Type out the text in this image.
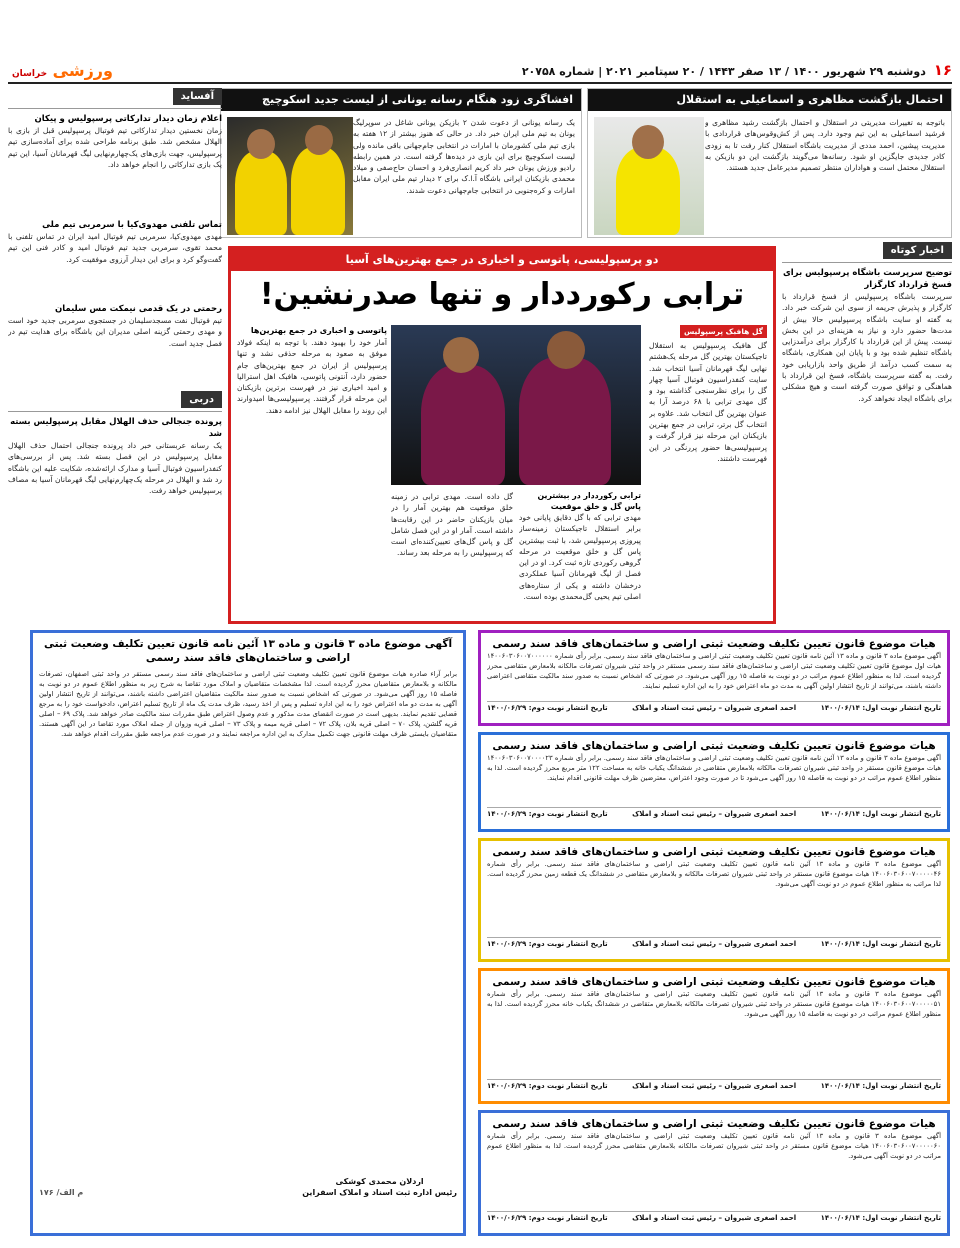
۱۶ دوشنبه ۲۹ شهریور ۱۴۰۰ / ۱۳ صفر ۱۴۴۳ / ۲۰ سپتامبر ۲۰۲۱ | شماره ۲۰۷۵۸
ورزشی خراسان
احتمال بازگشت مظاهری و اسماعیلی به استقلال
باتوجه به تغییرات مدیریتی در استقلال و احتمال بازگشت رشید مظاهری و فرشید اسماعیلی به این تیم وجود دارد. پس از کش‌وقوس‌های قراردادی با مدیریت پیشین، احمد مددی از مدیریت باشگاه استقلال کنار رفت تا به زودی کادر جدیدی جایگزین او شود. رسانه‌ها می‌گویند بازگشت این دو بازیکن به استقلال محتمل است و هواداران منتظر تصمیم مدیرعامل جدید هستند.
افشاگری زود هنگام رسانه یونانی از لیست جدید اسکوچیچ
یک رسانه یونانی از دعوت شدن ۲ بازیکن یونانی شاغل در سوپرلیگ یونان به تیم ملی ایران خبر داد. در حالی که هنوز بیشتر از ۱۲ هفته به بازی تیم ملی کشورمان با امارات در انتخابی جام‌جهانی باقی مانده ولی لیست اسکوچیچ برای این بازی در دیده‌ها گرفته است. در همین رابطه رادیو ورزش یونان خبر داد کریم انصاری‌فرد و احسان حاج‌صفی و میلاد محمدی بازیکنان ایرانی باشگاه آ.ا.ک برای ۲ دیدار تیم ملی ایران مقابل امارات و کره‌جنوبی در انتخابی جام‌جهانی دعوت شدند.
آفساید
اعلام زمان دیدار تدارکاتی پرسپولیس و پیکان
زمان نخستین دیدار تدارکاتی تیم فوتبال پرسپولیس قبل از بازی با الهلال مشخص شد. طبق برنامه طراحی شده برای آماده‌سازی تیم پرسپولیس، جهت بازی‌های یک‌چهارم‌نهایی لیگ قهرمانان آسیا، این تیم یک بازی تدارکاتی را انجام خواهد داد.
تماس تلفنی مهدوی‌کیا با سرمربی تیم ملی
مهدی مهدوی‌کیا، سرمربی تیم فوتبال امید ایران در تماس تلفنی با محمد تقوی، سرمربی جدید تیم فوتبال امید و کادر فنی این تیم گفت‌وگو کرد و برای این دیدار آرزوی موفقیت کرد.
رحمتی در یک قدمی نیمکت مس سلیمان
تیم فوتبال نفت مسجدسلیمان در جستجوی سرمربی جدید خود است و مهدی رحمتی گزینه اصلی مدیران این باشگاه برای هدایت تیم در فصل جدید است.
دربی
پرونده جنجالی حذف الهلال مقابل پرسپولیس بسته شد
یک رسانه عربستانی خبر داد پرونده جنجالی احتمال حذف الهلال مقابل پرسپولیس در این فصل بسته شد. پس از بررسی‌های کنفدراسیون فوتبال آسیا و مدارک ارائه‌شده، شکایت علیه این باشگاه رد شد و الهلال در مرحله یک‌چهارم‌نهایی لیگ قهرمانان آسیا به مصاف پرسپولیس خواهد رفت.
اخبار کوتاه
توضیح سرپرست باشگاه پرسپولیس برای فسخ قرارداد کارگزار
سرپرست باشگاه پرسپولیس از فسخ قرارداد با کارگزار و پذیرش جریمه از سوی این شرکت خبر داد. به گفته او سایت باشگاه پرسپولیس حالا بیش از مدت‌ها حضور دارد و نیاز به هزینه‌ای در این بخش نیست. پیش از این قرارداد با کارگزار برای درآمدزایی باشگاه تنظیم شده بود و با پایان این همکاری، باشگاه به سمت کسب درآمد از طریق واحد بازاریابی خود رفت. به گفته سرپرست باشگاه، فسخ این قرارداد با هماهنگی و توافق صورت گرفته است و هیچ مشکلی برای باشگاه ایجاد نخواهد کرد.
دو پرسپولیسی، پاتوسی و اخباری در جمع بهترین‌های آسیا
ترابی رکورددار و تنها صدرنشین!
گل هافبک پرسپولیس
گل هافبک پرسپولیس به استقلال تاجیکستان بهترین گل مرحله یک‌هشتم نهایی لیگ قهرمانان آسیا انتخاب شد. سایت کنفدراسیون فوتبال آسیا چهار گل را برای نظرسنجی گذاشته بود و گل مهدی ترابی با ۶۸ درصد آرا به عنوان بهترین گل انتخاب شد. علاوه بر انتخاب گل برتر، ترابی در جمع بهترین بازیکنان این مرحله نیز قرار گرفت و پرسپولیسی‌ها حضور پررنگی در این فهرست داشتند.
ترابی رکورددار در بیشترین پاس گل و خلق موقعیت
مهدی ترابی که با گل دقایق پایانی خود برابر استقلال تاجیکستان زمینه‌ساز پیروزی پرسپولیس شد، با ثبت بیشترین پاس گل و خلق موقعیت در مرحله گروهی رکوردی تازه ثبت کرد. او در این فصل از لیگ قهرمانان آسیا عملکردی درخشان داشته و یکی از ستاره‌های اصلی تیم یحیی گل‌محمدی بوده است.
گل داده است. مهدی ترابی در زمینه خلق موقعیت هم بهترین آمار را در میان بازیکنان حاضر در این رقابت‌ها داشته است. آمار او در این فصل شامل گل و پاس گل‌های تعیین‌کننده‌ای است که پرسپولیس را به مرحله بعد رساند.
پاتوسی و اخباری در جمع بهترین‌ها
آمار خود را بهبود دهند. با توجه به اینکه فولاد موفق به صعود به مرحله حذفی نشد و تنها پرسپولیس از ایران در جمع بهترین‌های جام حضور دارد، آنتونی پاتوسی، هافبک اهل استرالیا و امید اخباری نیز در فهرست برترین بازیکنان این مرحله قرار گرفتند. پرسپولیسی‌ها امیدوارند این روند را مقابل الهلال نیز ادامه دهند.
آگهی موضوع ماده ۳ قانون و ماده ۱۳ آئین نامه قانون تعیین تکلیف وضعیت ثبتی اراضی و ساختمان‌های فاقد سند رسمی
برابر آراء صادره هیات موضوع قانون تعیین تکلیف وضعیت ثبتی اراضی و ساختمان‌های فاقد سند رسمی مستقر در واحد ثبتی اصفهان، تصرفات مالکانه و بلامعارض متقاضیان محرز گردیده است. لذا مشخصات متقاضیان و املاک مورد تقاضا به شرح زیر به منظور اطلاع عموم در دو نوبت به فاصله ۱۵ روز آگهی می‌شود. در صورتی که اشخاص نسبت به صدور سند مالکیت متقاضیان اعتراضی داشته باشند، می‌توانند از تاریخ انتشار اولین آگهی به مدت دو ماه اعتراض خود را به این اداره تسلیم و پس از اخذ رسید، ظرف مدت یک ماه از تاریخ تسلیم اعتراض، دادخواست خود را به مرجع قضایی تقدیم نمایند. بدیهی است در صورت انقضای مدت مذکور و عدم وصول اعتراض طبق مقررات سند مالکیت صادر خواهد شد. پلاک ۶۹ – اصلی قریه گلشن، پلاک ۷۰ – اصلی قریه بلان، پلاک ۷۲ – اصلی قریه میمه و پلاک ۷۳ – اصلی قریه وزوان از جمله املاک مورد تقاضا در این آگهی هستند. متقاضیان بایستی ظرف مهلت قانونی جهت تکمیل مدارک به این اداره مراجعه نمایند و در صورت عدم مراجعه طبق مقررات اقدام خواهد شد.
اردلان محمدی کوشکی
رئیس اداره ثبت اسناد و املاک اسفراین
م الف/ ۱۷۶
هیات موضوع قانون تعیین تکلیف وضعیت ثبتی اراضی و ساختمان‌های فاقد سند رسمی
آگهی موضوع ماده ۳ قانون و ماده ۱۳ آئین نامه قانون تعیین تکلیف وضعیت ثبتی اراضی و ساختمان‌های فاقد سند رسمی. برابر رأی شماره ۱۴۰۰۶۰۳۰۶۰۰۷۰۰۰۰۰۰ هیات اول موضوع قانون تعیین تکلیف وضعیت ثبتی اراضی و ساختمان‌های فاقد سند رسمی مستقر در واحد ثبتی شیروان تصرفات مالکانه بلامعارض متقاضی محرز گردیده است. لذا به منظور اطلاع عموم مراتب در دو نوبت به فاصله ۱۵ روز آگهی می‌شود. در صورتی که اشخاص نسبت به صدور سند مالکیت متقاضی اعتراضی داشته باشند، می‌توانند از تاریخ انتشار اولین آگهی به مدت دو ماه اعتراض خود را به این اداره تسلیم نمایند.
تاریخ انتشار نوبت اول: ۱۴۰۰/۰۶/۱۴
احمد اصغری شیروان – رئیس ثبت اسناد و املاک
تاریخ انتشار نوبت دوم: ۱۴۰۰/۰۶/۲۹
هیات موضوع قانون تعیین تکلیف وضعیت ثبتی اراضی و ساختمان‌های فاقد سند رسمی
آگهی موضوع ماده ۳ قانون و ماده ۱۳ آئین نامه قانون تعیین تکلیف وضعیت ثبتی اراضی و ساختمان‌های فاقد سند رسمی. برابر رأی شماره ۱۴۰۰۶۰۳۰۶۰۰۷۰۰۰۰۲۳ هیات موضوع قانون مستقر در واحد ثبتی شیروان تصرفات مالکانه بلامعارض متقاضی در ششدانگ یکباب خانه به مساحت ۱۲۲ متر مربع محرز گردیده است. لذا به منظور اطلاع عموم مراتب در دو نوبت به فاصله ۱۵ روز آگهی می‌شود تا در صورت وجود اعتراض، معترضین ظرف مهلت قانونی اقدام نمایند.
تاریخ انتشار نوبت اول: ۱۴۰۰/۰۶/۱۴
احمد اصغری شیروان – رئیس ثبت اسناد و املاک
تاریخ انتشار نوبت دوم: ۱۴۰۰/۰۶/۲۹
هیات موضوع قانون تعیین تکلیف وضعیت ثبتی اراضی و ساختمان‌های فاقد سند رسمی
آگهی موضوع ماده ۳ قانون و ماده ۱۳ آئین نامه قانون تعیین تکلیف وضعیت ثبتی اراضی و ساختمان‌های فاقد سند رسمی. برابر رأی شماره ۱۴۰۰۶۰۳۰۶۰۰۷۰۰۰۰۰۴۶ هیات موضوع قانون مستقر در واحد ثبتی شیروان تصرفات مالکانه و بلامعارض متقاضی در ششدانگ یک قطعه زمین محرز گردیده است. لذا مراتب به منظور اطلاع عموم در دو نوبت آگهی می‌شود.
تاریخ انتشار نوبت اول: ۱۴۰۰/۰۶/۱۴
احمد اصغری شیروان – رئیس ثبت اسناد و املاک
تاریخ انتشار نوبت دوم: ۱۴۰۰/۰۶/۲۹
هیات موضوع قانون تعیین تکلیف وضعیت ثبتی اراضی و ساختمان‌های فاقد سند رسمی
آگهی موضوع ماده ۳ قانون و ماده ۱۳ آئین نامه قانون تعیین تکلیف وضعیت ثبتی اراضی و ساختمان‌های فاقد سند رسمی. برابر رأی شماره ۱۴۰۰۶۰۳۰۶۰۰۷۰۰۰۰۰۵۱ هیات موضوع قانون مستقر در واحد ثبتی شیروان تصرفات مالکانه بلامعارض متقاضی در ششدانگ یکباب خانه محرز گردیده است. لذا به منظور اطلاع عموم مراتب در دو نوبت به فاصله ۱۵ روز آگهی می‌شود.
تاریخ انتشار نوبت اول: ۱۴۰۰/۰۶/۱۴
احمد اصغری شیروان – رئیس ثبت اسناد و املاک
تاریخ انتشار نوبت دوم: ۱۴۰۰/۰۶/۲۹
هیات موضوع قانون تعیین تکلیف وضعیت ثبتی اراضی و ساختمان‌های فاقد سند رسمی
آگهی موضوع ماده ۳ قانون و ماده ۱۳ آئین نامه قانون تعیین تکلیف وضعیت ثبتی اراضی و ساختمان‌های فاقد سند رسمی. برابر رأی شماره ۱۴۰۰۶۰۳۰۶۰۰۷۰۰۰۰۰۶۰ هیات موضوع قانون مستقر در واحد ثبتی شیروان تصرفات مالکانه بلامعارض متقاضی محرز گردیده است. لذا به منظور اطلاع عموم مراتب در دو نوبت آگهی می‌شود.
تاریخ انتشار نوبت اول: ۱۴۰۰/۰۶/۱۴
احمد اصغری شیروان – رئیس ثبت اسناد و املاک
تاریخ انتشار نوبت دوم: ۱۴۰۰/۰۶/۲۹
